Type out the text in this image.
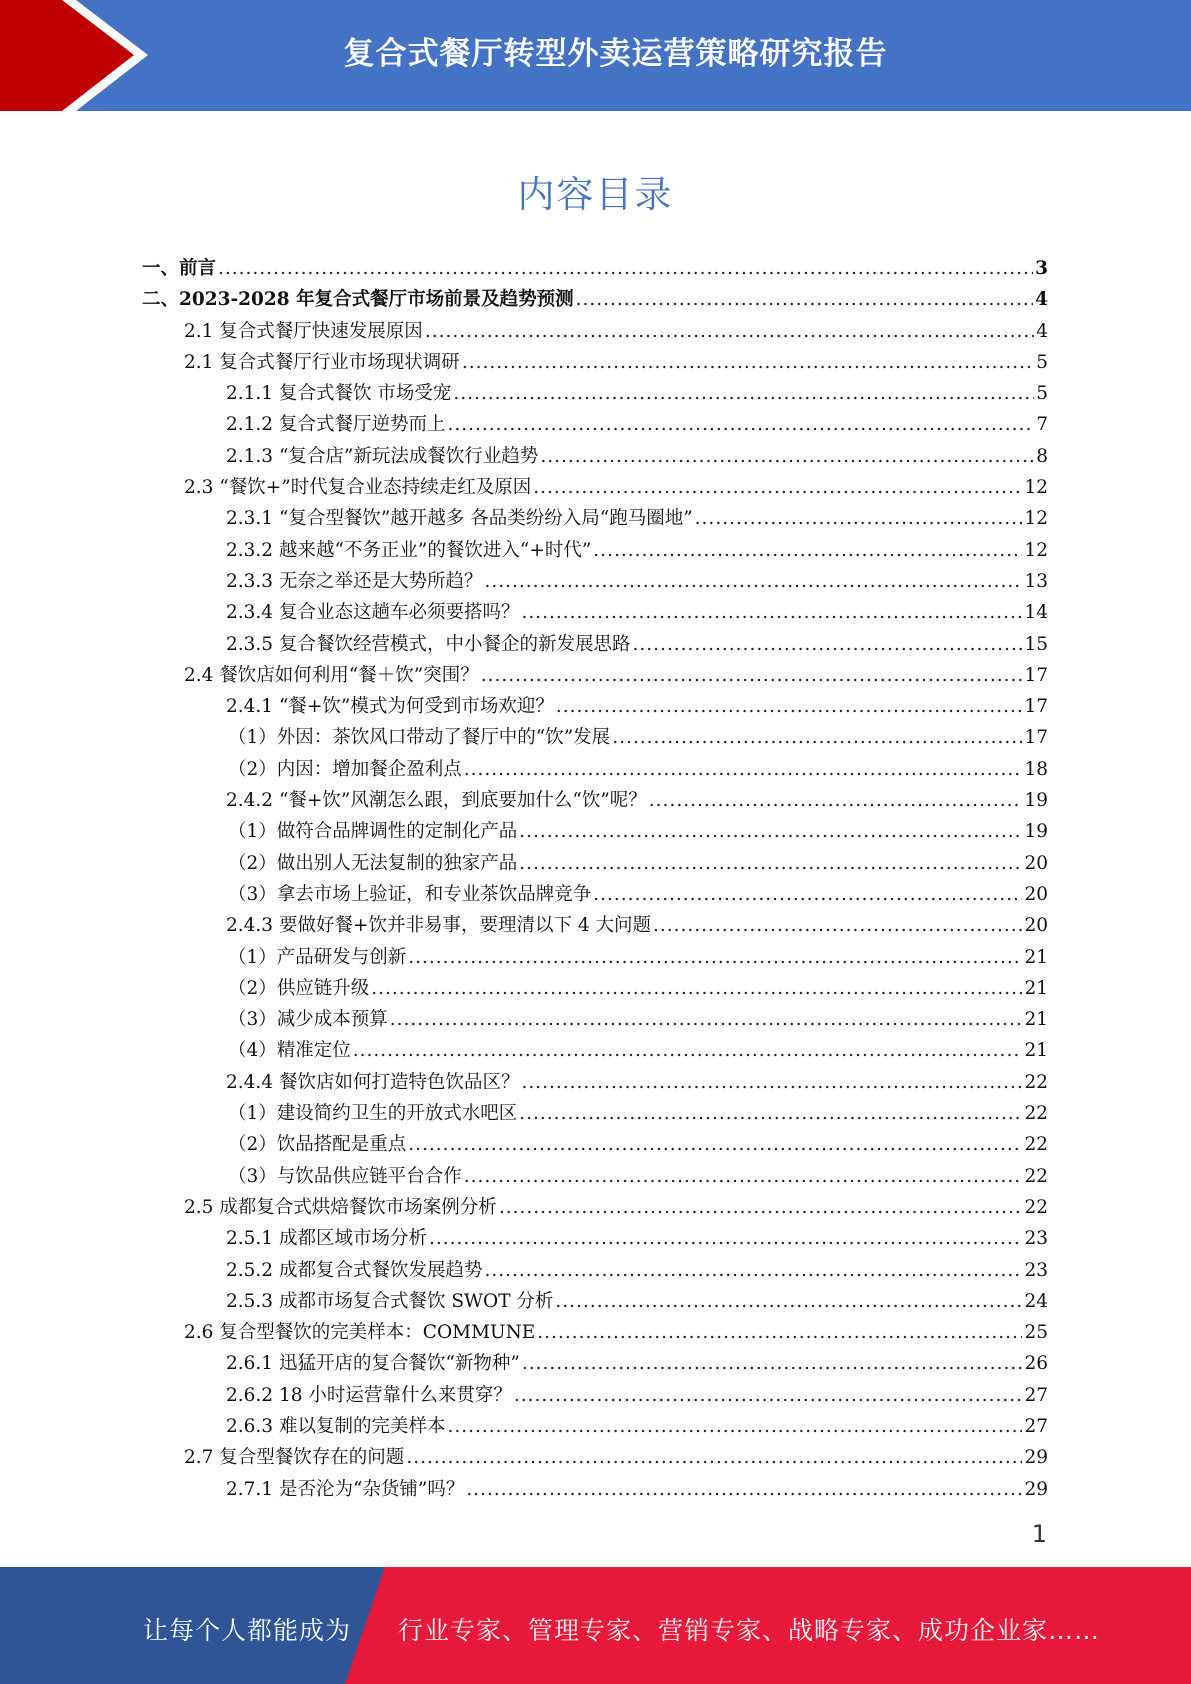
复合式餐厅转型外卖运营策略研究报告
内容目录
一、前言 .....	3
二、2023-2028 年复合式餐厅市场前景及趋势预测 .....	4
2.1 复合式餐厅快速发展原因 .....	4
2.1 复合式餐厅行业市场现状调研 .....	5
2.1.1 复合式餐饮 市场受宠 .....	5
2.1.2 复合式餐厅逆势而上 .....	7
2.1.3 “复合店”新玩法成餐饮行业趋势 .....	8
2.3 “餐饮+”时代复合业态持续走红及原因 .....	12
2.3.1 “复合型餐饮”越开越多 各品类纷纷入局“跑马圈地” .....	12
2.3.2 越来越“不务正业”的餐饮进入“+时代” .....	12
2.3.3 无奈之举还是大势所趋？ .....	13
2.3.4 复合业态这趟车必须要搭吗？ .....	14
2.3.5 复合餐饮经营模式，中小餐企的新发展思路 .....	15
2.4 餐饮店如何利用“餐＋饮”突围？ .....	17
2.4.1 “餐+饮”模式为何受到市场欢迎？ .....	17
（1）外因：茶饮风口带动了餐厅中的“饮”发展 .....	17
（2）内因：增加餐企盈利点 .....	18
2.4.2 “餐+饮”风潮怎么跟，到底要加什么“饮”呢？ .....	19
（1）做符合品牌调性的定制化产品 .....	19
（2）做出别人无法复制的独家产品 .....	20
（3）拿去市场上验证，和专业茶饮品牌竞争 .....	20
2.4.3 要做好餐+饮并非易事，要理清以下 4 大问题 .....	20
（1）产品研发与创新 .....	21
（2）供应链升级 .....	21
（3）减少成本预算 .....	21
（4）精准定位 .....	21
2.4.4 餐饮店如何打造特色饮品区？ .....	22
（1）建设简约卫生的开放式水吧区 .....	22
（2）饮品搭配是重点 .....	22
（3）与饮品供应链平台合作 .....	22
2.5 成都复合式烘焙餐饮市场案例分析 .....	22
2.5.1 成都区域市场分析 .....	23
2.5.2 成都复合式餐饮发展趋势 .....	23
2.5.3 成都市场复合式餐饮 SWOT 分析 .....	24
2.6 复合型餐饮的完美样本：COMMUNE .....	25
2.6.1 迅猛开店的复合餐饮“新物种” .....	26
2.6.2 18 小时运营靠什么来贯穿？ .....	27
2.6.3 难以复制的完美样本 .....	27
2.7 复合型餐饮存在的问题 .....	29
2.7.1 是否沦为“杂货铺”吗？ .....	29
1
让每个人都能成为 行业专家、管理专家、营销专家、战略专家、成功企业家……
